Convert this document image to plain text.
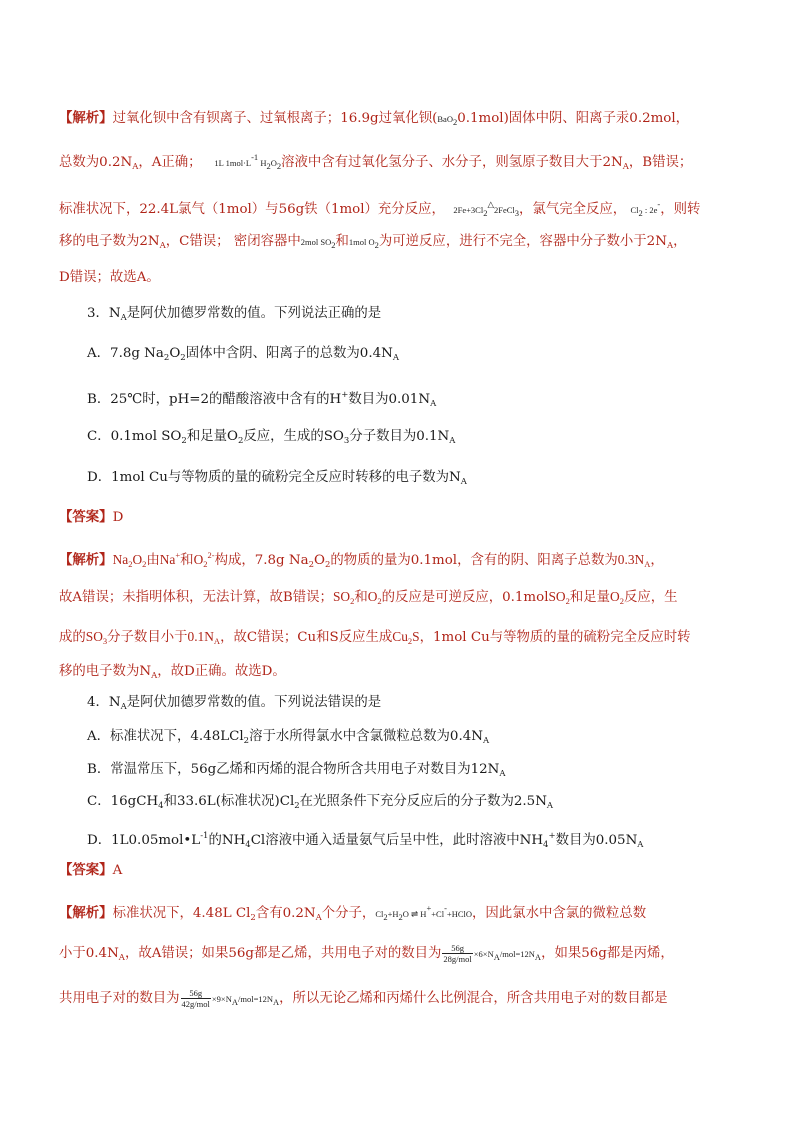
【解析】过氧化钡中含有钡离子、过氧根离子；16.9g过氧化钡(BaO20.1mol)固体中阴、阳离子汞0.2mol，
总数为$0.2N_A$，A正确； 1L 1mol·L-1 H2O2溶液中含有过氧化氢分子、水分子，则氢原子数目大于$2N_A$，B错误；
标准状况下，22.4L氯气（1mol）与56g铁（1mol）充分反应， 2Fe+3Cl2△2FeCl3，氯气完全反应， Cl2 : 2e-，则转
移的电子数为$2N_A$，C错误； 密闭容器中2mol SO2和1mol O2为可逆反应，进行不完全，容器中分子数小于$2N_A$，
D错误；故选A。
3．$N_A$是阿伏加德罗常数的值。下列说法正确的是
A．7.8g $Na_2O_2$固体中含阴、阳离子的总数为$0.4N_A$
B．25℃时，pH=2的醋酸溶液中含有的H+数目为$0.01N_A$
C．0.1mol $SO_2$和足量$O_2$反应，生成的$SO_3$分子数目为$0.1N_A$
D．1mol Cu与等物质的量的硫粉完全反应时转移的电子数为$N_A$
【答案】D
【解析】$Na_2O_2$由Na+和$O_2^{2-}$构成，7.8g $Na_2O_2$的物质的量为0.1mol，含有的阴、阳离子总数为$0.3N_A$，
故A错误；未指明体积，无法计算，故B错误；$SO_2$和$O_2$的反应是可逆反应，0.1molSO$_2$和足量$O_2$反应，生
成的$SO_3$分子数目小于$0.1N_A$，故C错误；Cu和S反应生成$Cu_2S$，1mol Cu与等物质的量的硫粉完全反应时转
移的电子数为$N_A$，故D正确。故选D。
4．$N_A$是阿伏加德罗常数的值。下列说法错误的是
A．标准状况下，4.48LCl$_2$溶于水所得氯水中含氯微粒总数为$0.4N_A$
B．常温常压下，56g乙烯和丙烯的混合物所含共用电子对数目为$12N_A$
C．16gCH$_4$和33.6L(标准状况)$Cl_2$在光照条件下充分反应后的分子数为$2.5N_A$
D．$1L0.05mol•L^{-1}$的$NH_4Cl$溶液中通入适量氨气后呈中性，此时溶液中$NH_4^+$数目为$0.05N_A$
【答案】A
【解析】标准状况下，4.48L $Cl_2$含有$0.2N_A$个分子，Cl2+H2O ⇌ H++Cl-+HClO，因此氯水中含氯的微粒总数
小于$0.4N_A$，故A错误；如果56g都是乙烯，共用电子对的数目为 $\frac{56g}{\text{28g/mol}} \times 6\times NA/mol=12NA$，如果56g都是丙烯，
共用电子对的数目为 $\frac{56g}{\text{42g/mol}} \times 9\times NA/mol=12NA$，所以无论乙烯和丙烯什么比例混合，所含共用电子对的数目都是
